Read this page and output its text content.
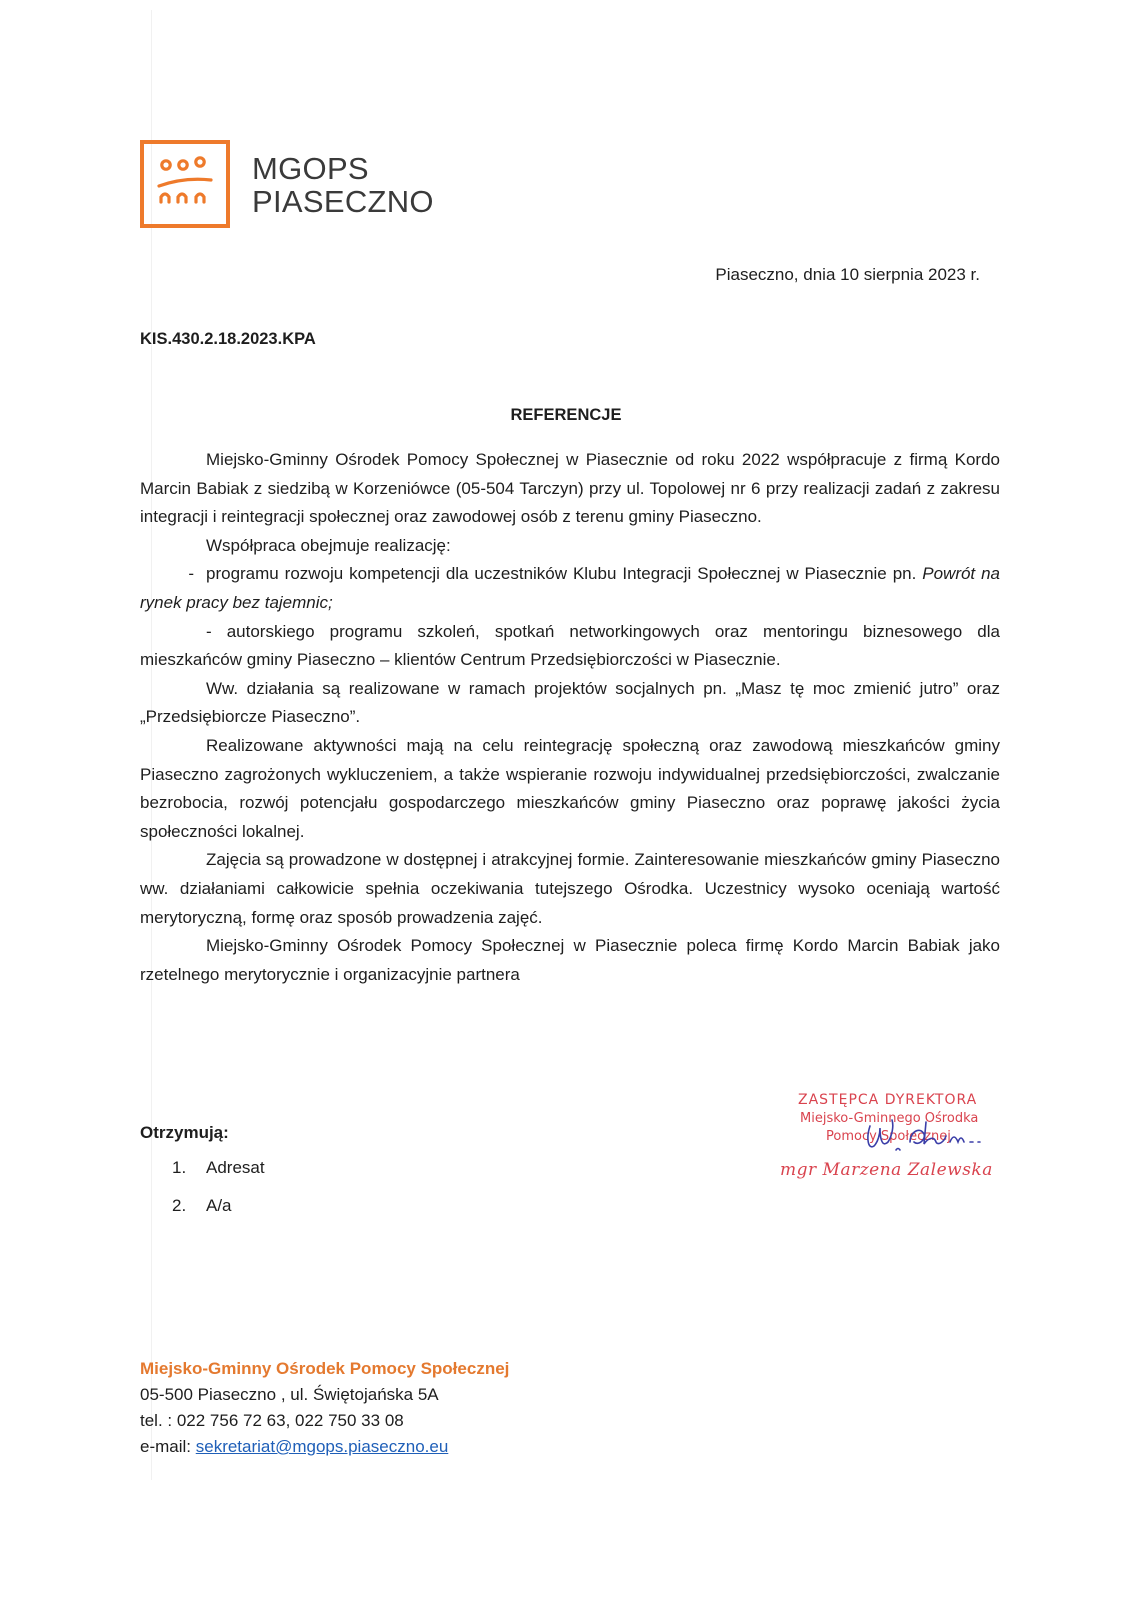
MGOPS
PIASECZNO
Piaseczno, dnia 10 sierpnia 2023 r.
KIS.430.2.18.2023.KPA
REFERENCJE

Miejsko-Gminny Ośrodek Pomocy Społecznej w Piasecznie od roku 2022 współpracuje z firmą Kordo Marcin Babiak z siedzibą w Korzeniówce (05-504 Tarczyn) przy ul. Topolowej nr 6 przy realizacji zadań z zakresu integracji i reintegracji społecznej oraz zawodowej osób z terenu gminy Piaseczno.

Współpraca obejmuje realizację:

- programu rozwoju kompetencji dla uczestników Klubu Integracji Społecznej w Piasecznie pn. Powrót na rynek pracy bez tajemnic;

- autorskiego programu szkoleń, spotkań networkingowych oraz mentoringu biznesowego dla mieszkańców gminy Piaseczno – klientów Centrum Przedsiębiorczości w Piasecznie.

Ww. działania są realizowane w ramach projektów socjalnych pn. „Masz tę moc zmienić jutro” oraz „Przedsiębiorcze Piaseczno”.

Realizowane aktywności mają na celu reintegrację społeczną oraz zawodową mieszkańców gminy Piaseczno zagrożonych wykluczeniem, a także wspieranie rozwoju indywidualnej przedsiębiorczości, zwalczanie bezrobocia, rozwój potencjału gospodarczego mieszkańców gminy Piaseczno oraz poprawę jakości życia społeczności lokalnej.

Zajęcia są prowadzone w dostępnej i atrakcyjnej formie. Zainteresowanie mieszkańców gminy Piaseczno ww. działaniami całkowicie spełnia oczekiwania tutejszego Ośrodka. Uczestnicy wysoko oceniają wartość merytoryczną, formę oraz sposób prowadzenia zajęć.

Miejsko-Gminny Ośrodek Pomocy Społecznej w Piasecznie poleca firmę Kordo Marcin Babiak jako rzetelnego merytorycznie i organizacyjnie partnera

Otrzymują:
1. Adresat
2. A/a
ZASTĘPCA DYREKTORA
Miejsko-Gminnego Ośrodka
Pomocy Społecznej
mgr Marzena Zalewska
Miejsko-Gminny Ośrodek Pomocy Społecznej
05-500 Piaseczno , ul. Świętojańska 5A
tel. : 022 756 72 63, 022 750 33 08
e-mail: sekretariat@mgops.piaseczno.eu
